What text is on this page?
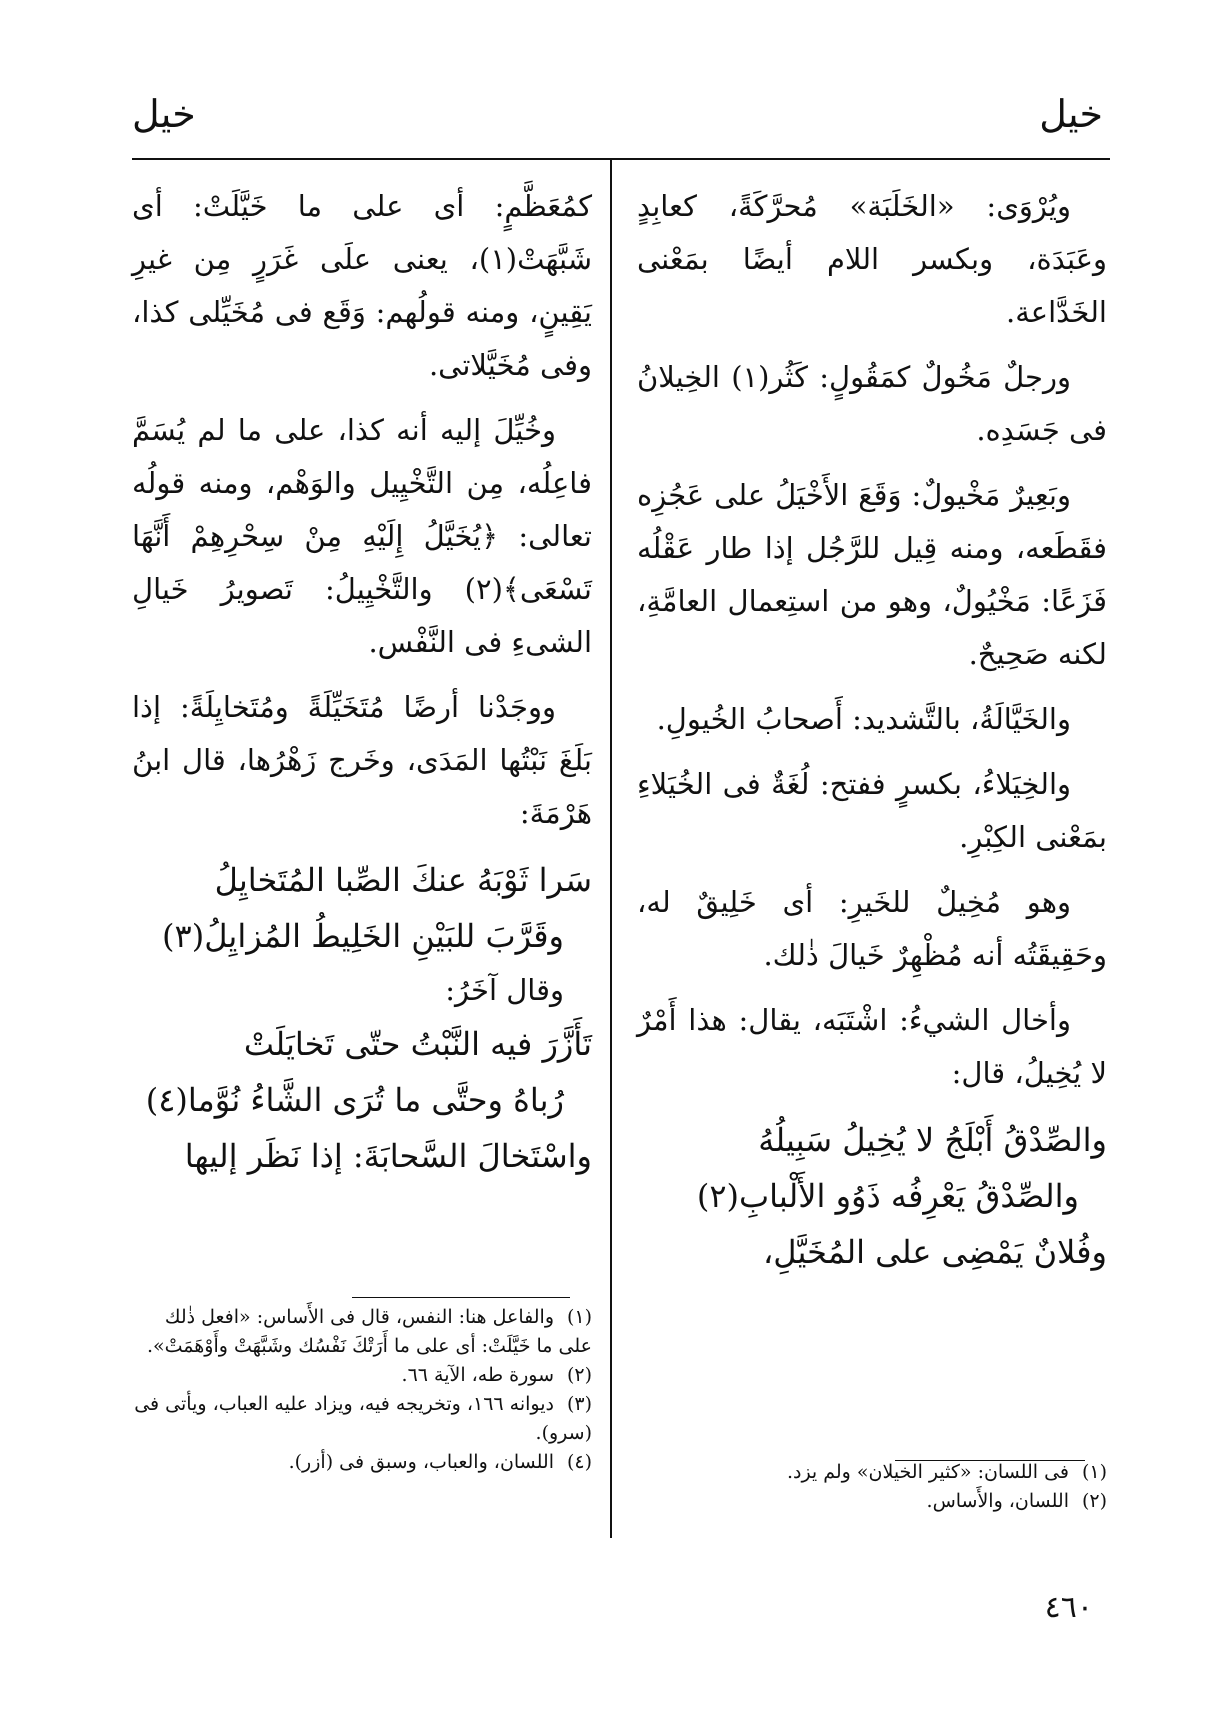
خيل
خيل

ويُرْوَى: «الخَلَبَة» مُحرَّكَةً، كعابِدٍ وعَبَدَة، وبكسر اللام أيضًا بمَعْنى الخَدَّاعة.

ورجلٌ مَخُولٌ كمَقُولٍ: كَثُر(١) الخِيلانُ فى جَسَدِه.

وبَعِيرٌ مَخْيولٌ: وَقَعَ الأَخْيَلُ على عَجُزِه فقَطَعه، ومنه قِيل للرَّجُل إذا طار عَقْلُه فَزَعًا: مَخْيُولٌ، وهو من استِعمال العامَّةِ، لكنه صَحِيحٌ.

والخَيَّالَةُ، بالتَّشديد: أَصحابُ الخُيولِ.

والخِيَلاءُ، بكسرٍ ففتح: لُغَةٌ فى الخُيَلاءِ بمَعْنى الكِبْرِ.

وهو مُخِيلٌ للخَيرِ: أى خَلِيقٌ له، وحَقِيقَتُه أنه مُظْهِرٌ خَيالَ ذٰلك.

وأخال الشيءُ: اشْتَبَه، يقال: هذا أَمْرٌ لا يُخِيلُ، قال:

والصِّدْقُ أَبْلَجُ لا يُخِيلُ سَبِيلُهُ

والصِّدْقُ يَعْرِفُه ذَوُو الأَلْبابِ(٢)

وفُلانٌ يَمْضِى على المُخَيَّلِ،

كمُعَظَّمٍ: أى على ما خَيَّلَتْ: أى شَبَّهَتْ(١)، يعنى علَى غَرَرٍ مِن غيرِ يَقِينٍ، ومنه قولُهم: وَقَع فى مُخَيِّلى كذا، وفى مُخَيَّلاتى.

وخُيِّلَ إليه أنه كذا، على ما لم يُسَمَّ فاعِلُه، مِن التَّخْيِيل والوَهْم، ومنه قولُه تعالى: ﴿يُخَيَّلُ إِلَيْهِ مِنْ سِحْرِهِمْ أَنَّهَا تَسْعَى﴾(٢) والتَّخْيِيلُ: تَصويرُ خَيالِ الشىءِ فى النَّفْس.

ووجَدْنا أرضًا مُتَخَيِّلَةً ومُتَخايِلَةً: إذا بَلَغَ نَبْتُها المَدَى، وخَرج زَهْرُها، قال ابنُ هَرْمَةَ:

سَرا ثَوْبَهُ عنكَ الصِّبا المُتَخايِلُ

وقَرَّبَ للبَيْنِ الخَلِيطُ المُزايِلُ(٣)

وقال آخَرُ:

تَأَزَّرَ فيه النَّبْتُ حتّى تَخايَلَتْ

رُباهُ وحتَّى ما تُرَى الشَّاءُ نُوَّما(٤)

واسْتَخالَ السَّحابَةَ: إذا نَظَر إليها

(١)والفاعل هنا: النفس، قال فى الأَساس: «افعل ذٰلك على ما خَيَّلَتْ: أى على ما أَرَتْكَ نَفْسُك وشَبَّهَتْ وأَوْهَمَتْ».

(٢)سورة طه، الآية ٦٦.

(٣)ديوانه ١٦٦، وتخريجه فيه، ويزاد عليه العباب، ويأتى فى (سرو).

(٤)اللسان، والعباب، وسبق فى (أزر).	(١)فى اللسان: «كثير الخيلان» ولم يزد.

(٢)اللسان، والأَساس.

٤٦٠
